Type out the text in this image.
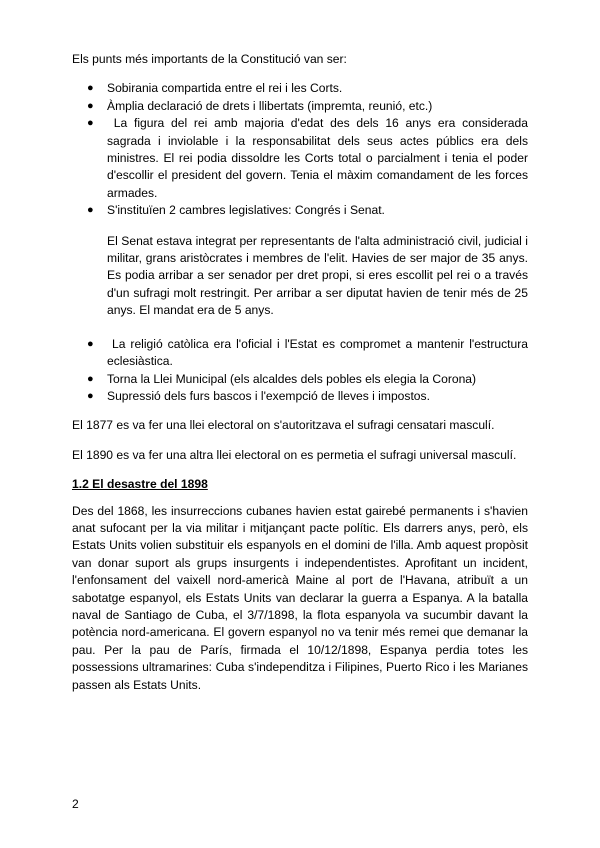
Els punts més importants de la Constitució van ser:

● Sobirania compartida entre el rei i les Corts.
● Àmplia declaració de drets i llibertats (impremta, reunió, etc.)
● La figura del rei amb majoria d'edat des dels 16 anys era considerada sagrada i inviolable i la responsabilitat dels seus actes públics era dels ministres. El rei podia dissoldre les Corts total o parcialment i tenia el poder d'escollir el president del govern. Tenia el màxim comandament de les forces armades.
● S'instituïen 2 cambres legislatives: Congrés i Senat.

El Senat estava integrat per representants de l'alta administració civil, judicial i militar, grans aristòcrates i membres de l'elit. Havies de ser major de 35 anys. Es podia arribar a ser senador per dret propi, si eres escollit pel rei o a través d'un sufragi molt restringit. Per arribar a ser diputat havien de tenir més de 25 anys. El mandat era de 5 anys.

● La religió catòlica era l'oficial i l'Estat es compromet a mantenir l'estructura eclesiàstica.
● Torna la Llei Municipal (els alcaldes dels pobles els elegia la Corona)
● Supressió dels furs bascos i l'exempció de lleves i impostos.

El 1877 es va fer una llei electoral on s'autoritzava el sufragi censatari masculí.

El 1890 es va fer una altra llei electoral on es permetia el sufragi universal masculí.

1.2 El desastre del 1898

Des del 1868, les insurreccions cubanes havien estat gairebé permanents i s'havien anat sufocant per la via militar i mitjançant pacte polític. Els darrers anys, però, els Estats Units volien substituir els espanyols en el domini de l'illa. Amb aquest propòsit van donar suport als grups insurgents i independentistes. Aprofitant un incident, l'enfonsament del vaixell nord-americà Maine al port de l'Havana, atribuït a un sabotatge espanyol, els Estats Units van declarar la guerra a Espanya. A la batalla naval de Santiago de Cuba, el 3/7/1898, la flota espanyola va sucumbir davant la potència nord-americana. El govern espanyol no va tenir més remei que demanar la pau. Per la pau de París, firmada el 10/12/1898, Espanya perdia totes les possessions ultramarines: Cuba s'independitza i Filipines, Puerto Rico i les Marianes passen als Estats Units.

2
